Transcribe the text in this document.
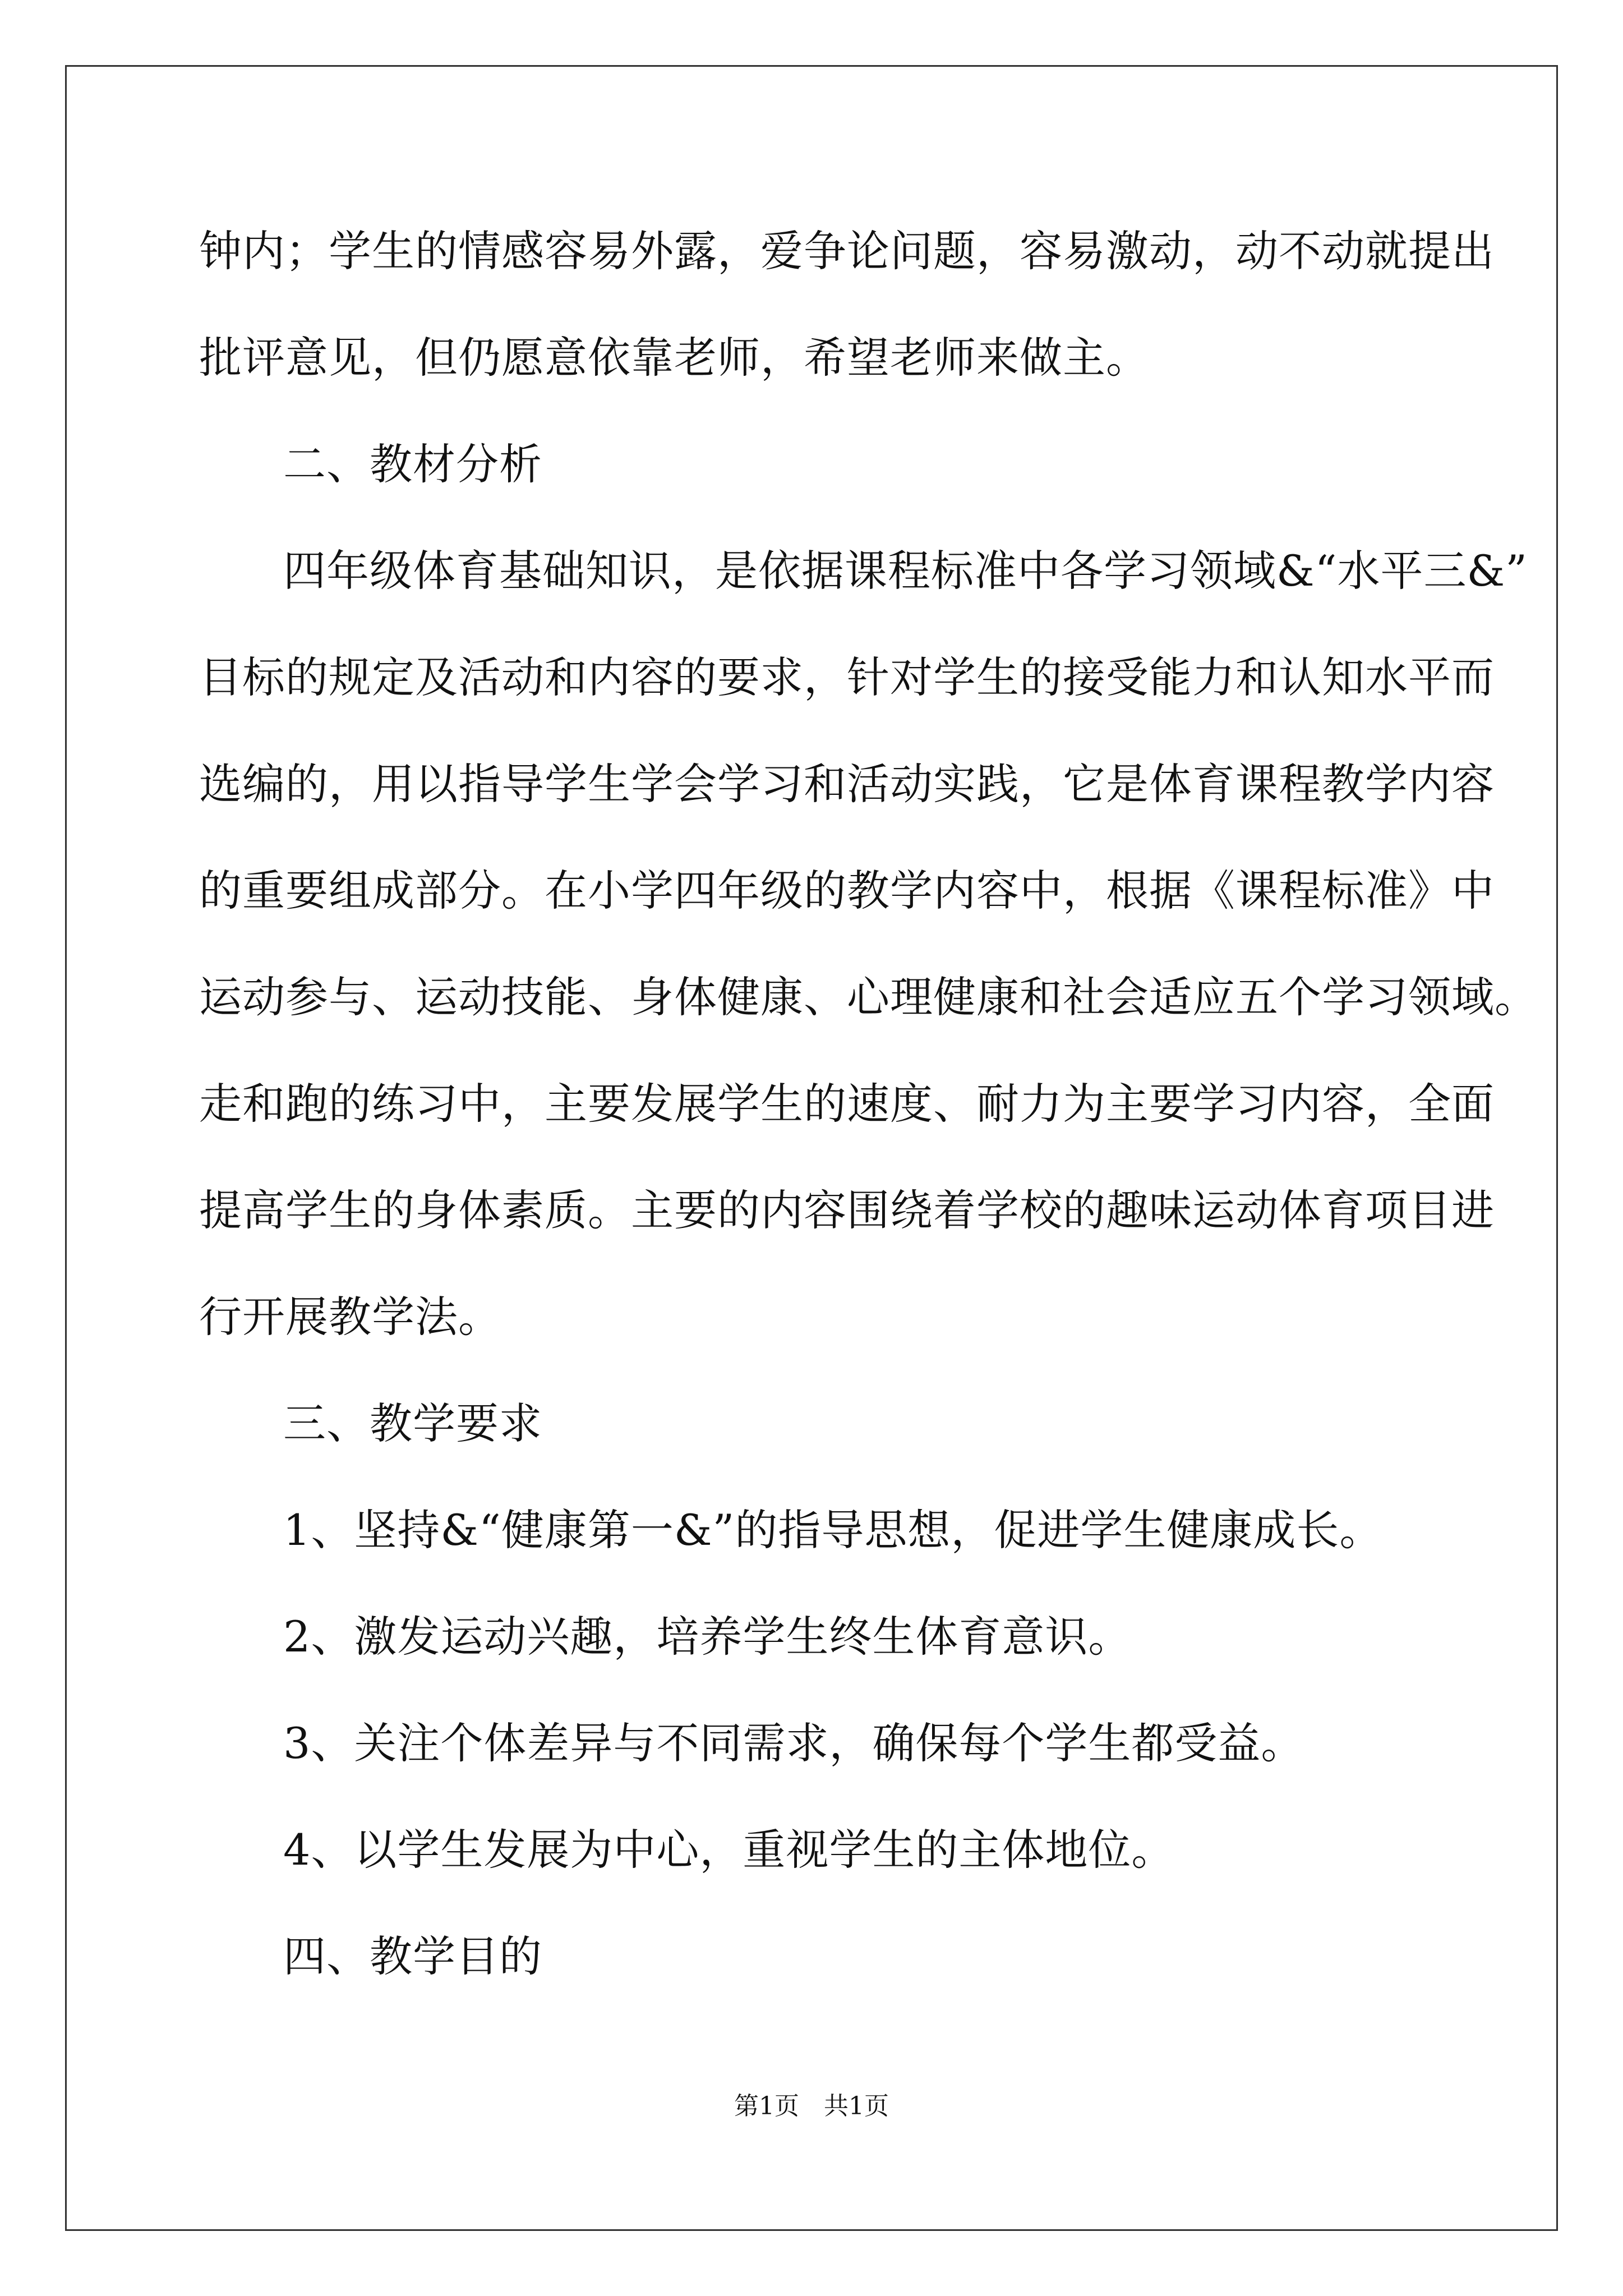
钟内；学生的情感容易外露，爱争论问题，容易激动，动不动就提出
批评意见，但仍愿意依靠老师，希望老师来做主。
二、教材分析
四年级体育基础知识，是依据课程标准中各学习领域&“水平三&”
目标的规定及活动和内容的要求，针对学生的接受能力和认知水平而
选编的，用以指导学生学会学习和活动实践，它是体育课程教学内容
的重要组成部分。在小学四年级的教学内容中，根据《课程标准》中
运动参与、运动技能、身体健康、心理健康和社会适应五个学习领域。
走和跑的练习中，主要发展学生的速度、耐力为主要学习内容，全面
提高学生的身体素质。主要的内容围绕着学校的趣味运动体育项目进
行开展教学法。
三、教学要求
1、坚持&“健康第一&”的指导思想，促进学生健康成长。
2、激发运动兴趣，培养学生终生体育意识。
3、关注个体差异与不同需求，确保每个学生都受益。
4、以学生发展为中心，重视学生的主体地位。
四、教学目的
第1页　共1页
